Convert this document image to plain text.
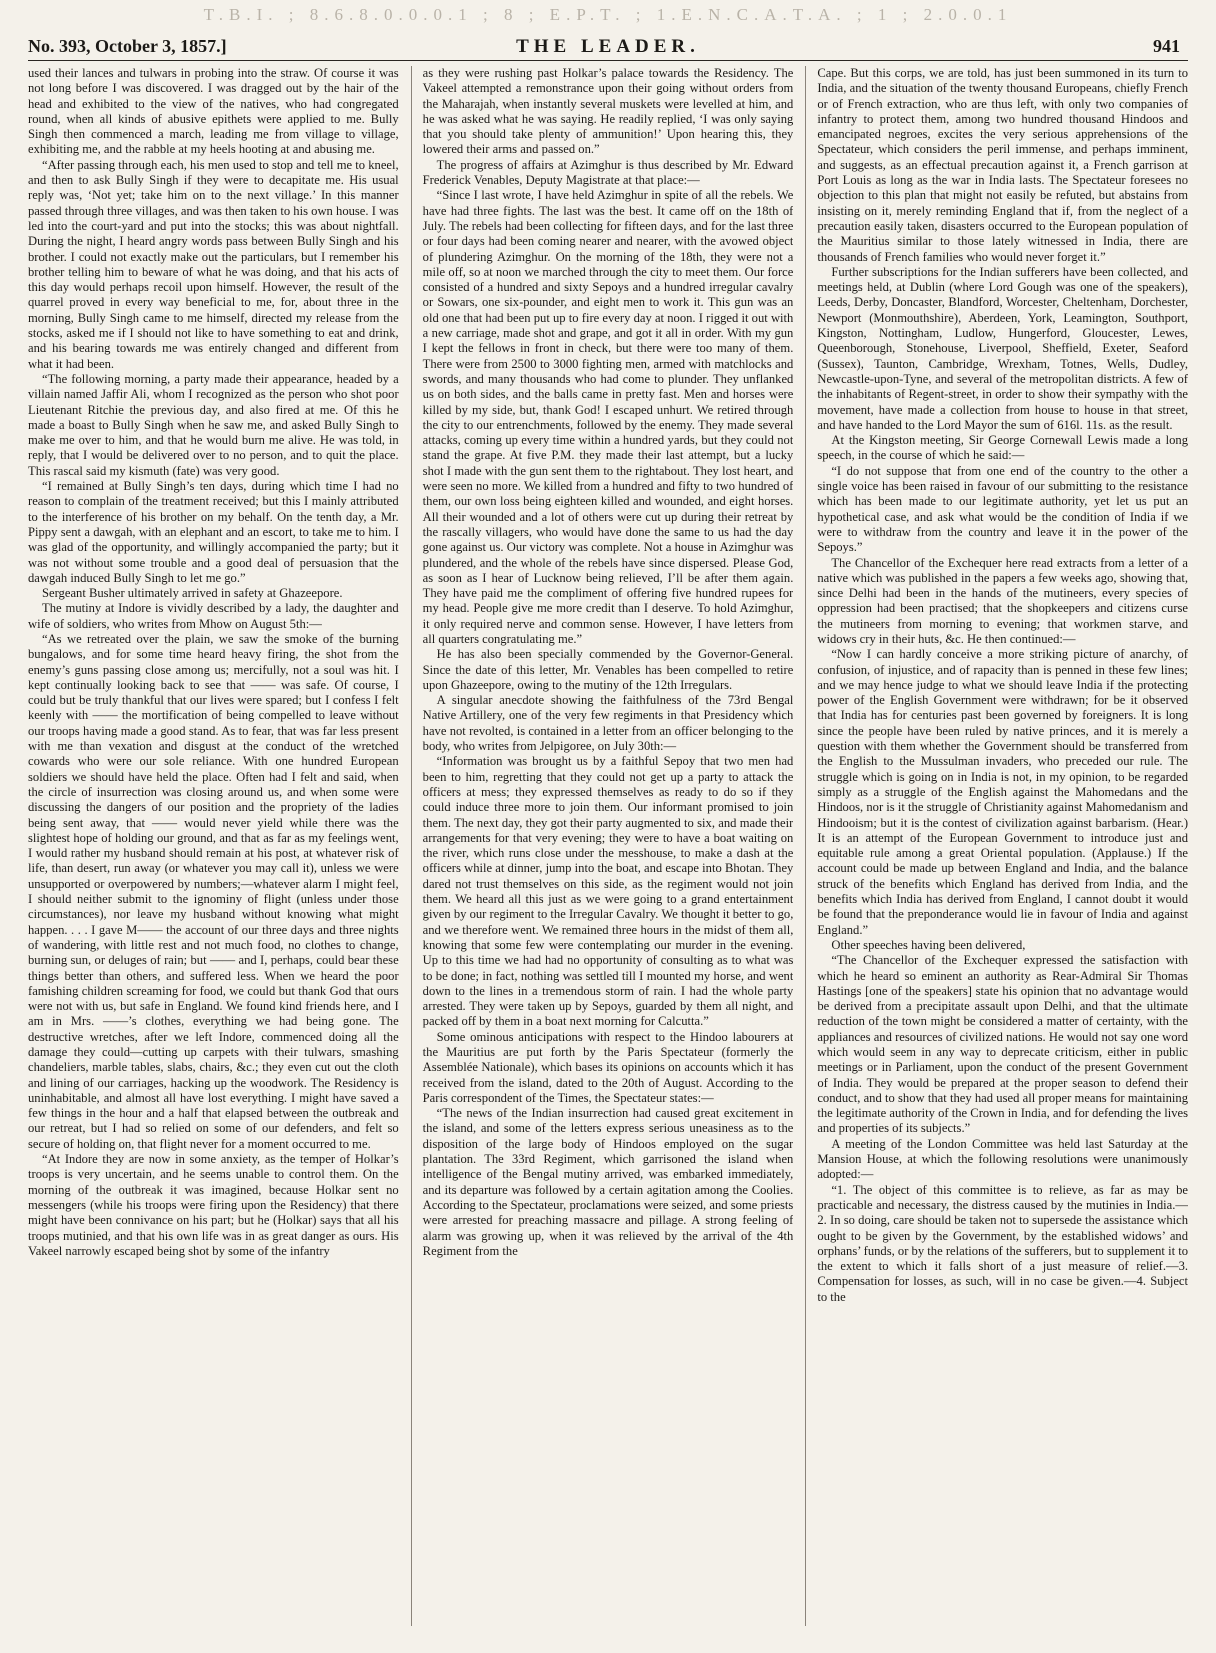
T.B.I. ; 8.6.8.0.0.0.1 ; 8 ; E.P.T. ; 1.E.N.C.A.T.A. ; 1 ; 2.0.0.1
No. 393, October 3, 1857.]	THE LEADER.	941

used their lances and tulwars in probing into the straw. Of course it was not long before I was discovered. I was dragged out by the hair of the head and exhibited to the view of the natives, who had congregated round, when all kinds of abusive epithets were applied to me. Bully Singh then commenced a march, leading me from village to village, exhibiting me, and the rabble at my heels hooting at and abusing me.

“After passing through each, his men used to stop and tell me to kneel, and then to ask Bully Singh if they were to decapitate me. His usual reply was, ‘Not yet; take him on to the next village.’ In this manner passed through three villages, and was then taken to his own house. I was led into the court-yard and put into the stocks; this was about nightfall. During the night, I heard angry words pass between Bully Singh and his brother. I could not exactly make out the particulars, but I remember his brother telling him to beware of what he was doing, and that his acts of this day would perhaps recoil upon himself. However, the result of the quarrel proved in every way beneficial to me, for, about three in the morning, Bully Singh came to me himself, directed my release from the stocks, asked me if I should not like to have something to eat and drink, and his bearing towards me was entirely changed and different from what it had been.

“The following morning, a party made their appearance, headed by a villain named Jaffir Ali, whom I recognized as the person who shot poor Lieutenant Ritchie the previous day, and also fired at me. Of this he made a boast to Bully Singh when he saw me, and asked Bully Singh to make me over to him, and that he would burn me alive. He was told, in reply, that I would be delivered over to no person, and to quit the place. This rascal said my kismuth (fate) was very good.

“I remained at Bully Singh’s ten days, during which time I had no reason to complain of the treatment received; but this I mainly attributed to the interference of his brother on my behalf. On the tenth day, a Mr. Pippy sent a dawgah, with an elephant and an escort, to take me to him. I was glad of the opportunity, and willingly accompanied the party; but it was not without some trouble and a good deal of persuasion that the dawgah induced Bully Singh to let me go.”

Sergeant Busher ultimately arrived in safety at Ghazeepore.

The mutiny at Indore is vividly described by a lady, the daughter and wife of soldiers, who writes from Mhow on August 5th:—

“As we retreated over the plain, we saw the smoke of the burning bungalows, and for some time heard heavy firing, the shot from the enemy’s guns passing close among us; mercifully, not a soul was hit. I kept continually looking back to see that —— was safe. Of course, I could but be truly thankful that our lives were spared; but I confess I felt keenly with —— the mortification of being compelled to leave without our troops having made a good stand. As to fear, that was far less present with me than vexation and disgust at the conduct of the wretched cowards who were our sole reliance. With one hundred European soldiers we should have held the place. Often had I felt and said, when the circle of insurrection was closing around us, and when some were discussing the dangers of our position and the propriety of the ladies being sent away, that —— would never yield while there was the slightest hope of holding our ground, and that as far as my feelings went, I would rather my husband should remain at his post, at whatever risk of life, than desert, run away (or whatever you may call it), unless we were unsupported or overpowered by numbers;—whatever alarm I might feel, I should neither submit to the ignominy of flight (unless under those circumstances), nor leave my husband without knowing what might happen. . . . I gave M—— the account of our three days and three nights of wandering, with little rest and not much food, no clothes to change, burning sun, or deluges of rain; but —— and I, perhaps, could bear these things better than others, and suffered less. When we heard the poor famishing children screaming for food, we could but thank God that ours were not with us, but safe in England. We found kind friends here, and I am in Mrs. ——’s clothes, everything we had being gone. The destructive wretches, after we left Indore, commenced doing all the damage they could—cutting up carpets with their tulwars, smashing chandeliers, marble tables, slabs, chairs, &c.; they even cut out the cloth and lining of our carriages, hacking up the woodwork. The Residency is uninhabitable, and almost all have lost everything. I might have saved a few things in the hour and a half that elapsed between the outbreak and our retreat, but I had so relied on some of our defenders, and felt so secure of holding on, that flight never for a moment occurred to me.

“At Indore they are now in some anxiety, as the temper of Holkar’s troops is very uncertain, and he seems unable to control them. On the morning of the outbreak it was imagined, because Holkar sent no messengers (while his troops were firing upon the Residency) that there might have been connivance on his part; but he (Holkar) says that all his troops mutinied, and that his own life was in as great danger as ours. His Vakeel narrowly escaped being shot by some of the infantry

as they were rushing past Holkar’s palace towards the Residency. The Vakeel attempted a remonstrance upon their going without orders from the Maharajah, when instantly several muskets were levelled at him, and he was asked what he was saying. He readily replied, ‘I was only saying that you should take plenty of ammunition!’ Upon hearing this, they lowered their arms and passed on.”

The progress of affairs at Azimghur is thus described by Mr. Edward Frederick Venables, Deputy Magistrate at that place:—

“Since I last wrote, I have held Azimghur in spite of all the rebels. We have had three fights. The last was the best. It came off on the 18th of July. The rebels had been collecting for fifteen days, and for the last three or four days had been coming nearer and nearer, with the avowed object of plundering Azimghur. On the morning of the 18th, they were not a mile off, so at noon we marched through the city to meet them. Our force consisted of a hundred and sixty Sepoys and a hundred irregular cavalry or Sowars, one six-pounder, and eight men to work it. This gun was an old one that had been put up to fire every day at noon. I rigged it out with a new carriage, made shot and grape, and got it all in order. With my gun I kept the fellows in front in check, but there were too many of them. There were from 2500 to 3000 fighting men, armed with matchlocks and swords, and many thousands who had come to plunder. They unflanked us on both sides, and the balls came in pretty fast. Men and horses were killed by my side, but, thank God! I escaped unhurt. We retired through the city to our entrenchments, followed by the enemy. They made several attacks, coming up every time within a hundred yards, but they could not stand the grape. At five P.M. they made their last attempt, but a lucky shot I made with the gun sent them to the rightabout. They lost heart, and were seen no more. We killed from a hundred and fifty to two hundred of them, our own loss being eighteen killed and wounded, and eight horses. All their wounded and a lot of others were cut up during their retreat by the rascally villagers, who would have done the same to us had the day gone against us. Our victory was complete. Not a house in Azimghur was plundered, and the whole of the rebels have since dispersed. Please God, as soon as I hear of Lucknow being relieved, I’ll be after them again. They have paid me the compliment of offering five hundred rupees for my head. People give me more credit than I deserve. To hold Azimghur, it only required nerve and common sense. However, I have letters from all quarters congratulating me.”

He has also been specially commended by the Governor-General. Since the date of this letter, Mr. Venables has been compelled to retire upon Ghazeepore, owing to the mutiny of the 12th Irregulars.

A singular anecdote showing the faithfulness of the 73rd Bengal Native Artillery, one of the very few regiments in that Presidency which have not revolted, is contained in a letter from an officer belonging to the body, who writes from Jelpigoree, on July 30th:—

“Information was brought us by a faithful Sepoy that two men had been to him, regretting that they could not get up a party to attack the officers at mess; they expressed themselves as ready to do so if they could induce three more to join them. Our informant promised to join them. The next day, they got their party augmented to six, and made their arrangements for that very evening; they were to have a boat waiting on the river, which runs close under the messhouse, to make a dash at the officers while at dinner, jump into the boat, and escape into Bhotan. They dared not trust themselves on this side, as the regiment would not join them. We heard all this just as we were going to a grand entertainment given by our regiment to the Irregular Cavalry. We thought it better to go, and we therefore went. We remained three hours in the midst of them all, knowing that some few were contemplating our murder in the evening. Up to this time we had had no opportunity of consulting as to what was to be done; in fact, nothing was settled till I mounted my horse, and went down to the lines in a tremendous storm of rain. I had the whole party arrested. They were taken up by Sepoys, guarded by them all night, and packed off by them in a boat next morning for Calcutta.”

Some ominous anticipations with respect to the Hindoo labourers at the Mauritius are put forth by the Paris Spectateur (formerly the Assemblée Nationale), which bases its opinions on accounts which it has received from the island, dated to the 20th of August. According to the Paris correspondent of the Times, the Spectateur states:—

“The news of the Indian insurrection had caused great excitement in the island, and some of the letters express serious uneasiness as to the disposition of the large body of Hindoos employed on the sugar plantation. The 33rd Regiment, which garrisoned the island when intelligence of the Bengal mutiny arrived, was embarked immediately, and its departure was followed by a certain agitation among the Coolies. According to the Spectateur, proclamations were seized, and some priests were arrested for preaching massacre and pillage. A strong feeling of alarm was growing up, when it was relieved by the arrival of the 4th Regiment from the

Cape. But this corps, we are told, has just been summoned in its turn to India, and the situation of the twenty thousand Europeans, chiefly French or of French extraction, who are thus left, with only two companies of infantry to protect them, among two hundred thousand Hindoos and emancipated negroes, excites the very serious apprehensions of the Spectateur, which considers the peril immense, and perhaps imminent, and suggests, as an effectual precaution against it, a French garrison at Port Louis as long as the war in India lasts. The Spectateur foresees no objection to this plan that might not easily be refuted, but abstains from insisting on it, merely reminding England that if, from the neglect of a precaution easily taken, disasters occurred to the European population of the Mauritius similar to those lately witnessed in India, there are thousands of French families who would never forget it.”

Further subscriptions for the Indian sufferers have been collected, and meetings held, at Dublin (where Lord Gough was one of the speakers), Leeds, Derby, Doncaster, Blandford, Worcester, Cheltenham, Dorchester, Newport (Monmouthshire), Aberdeen, York, Leamington, Southport, Kingston, Nottingham, Ludlow, Hungerford, Gloucester, Lewes, Queenborough, Stonehouse, Liverpool, Sheffield, Exeter, Seaford (Sussex), Taunton, Cambridge, Wrexham, Totnes, Wells, Dudley, Newcastle-upon-Tyne, and several of the metropolitan districts. A few of the inhabitants of Regent-street, in order to show their sympathy with the movement, have made a collection from house to house in that street, and have handed to the Lord Mayor the sum of 616l. 11s. as the result.

At the Kingston meeting, Sir George Cornewall Lewis made a long speech, in the course of which he said:—

“I do not suppose that from one end of the country to the other a single voice has been raised in favour of our submitting to the resistance which has been made to our legitimate authority, yet let us put an hypothetical case, and ask what would be the condition of India if we were to withdraw from the country and leave it in the power of the Sepoys.”

The Chancellor of the Exchequer here read extracts from a letter of a native which was published in the papers a few weeks ago, showing that, since Delhi had been in the hands of the mutineers, every species of oppression had been practised; that the shopkeepers and citizens curse the mutineers from morning to evening; that workmen starve, and widows cry in their huts, &c. He then continued:—

“Now I can hardly conceive a more striking picture of anarchy, of confusion, of injustice, and of rapacity than is penned in these few lines; and we may hence judge to what we should leave India if the protecting power of the English Government were withdrawn; for be it observed that India has for centuries past been governed by foreigners. It is long since the people have been ruled by native princes, and it is merely a question with them whether the Government should be transferred from the English to the Mussulman invaders, who preceded our rule. The struggle which is going on in India is not, in my opinion, to be regarded simply as a struggle of the English against the Mahomedans and the Hindoos, nor is it the struggle of Christianity against Mahomedanism and Hindooism; but it is the contest of civilization against barbarism. (Hear.) It is an attempt of the European Government to introduce just and equitable rule among a great Oriental population. (Applause.) If the account could be made up between England and India, and the balance struck of the benefits which England has derived from India, and the benefits which India has derived from England, I cannot doubt it would be found that the preponderance would lie in favour of India and against England.”

Other speeches having been delivered,

“The Chancellor of the Exchequer expressed the satisfaction with which he heard so eminent an authority as Rear-Admiral Sir Thomas Hastings [one of the speakers] state his opinion that no advantage would be derived from a precipitate assault upon Delhi, and that the ultimate reduction of the town might be considered a matter of certainty, with the appliances and resources of civilized nations. He would not say one word which would seem in any way to deprecate criticism, either in public meetings or in Parliament, upon the conduct of the present Government of India. They would be prepared at the proper season to defend their conduct, and to show that they had used all proper means for maintaining the legitimate authority of the Crown in India, and for defending the lives and properties of its subjects.”

A meeting of the London Committee was held last Saturday at the Mansion House, at which the following resolutions were unanimously adopted:—

“1. The object of this committee is to relieve, as far as may be practicable and necessary, the distress caused by the mutinies in India.—2. In so doing, care should be taken not to supersede the assistance which ought to be given by the Government, by the established widows’ and orphans’ funds, or by the relations of the sufferers, but to supplement it to the extent to which it falls short of a just measure of relief.—3. Compensation for losses, as such, will in no case be given.—4. Subject to the
